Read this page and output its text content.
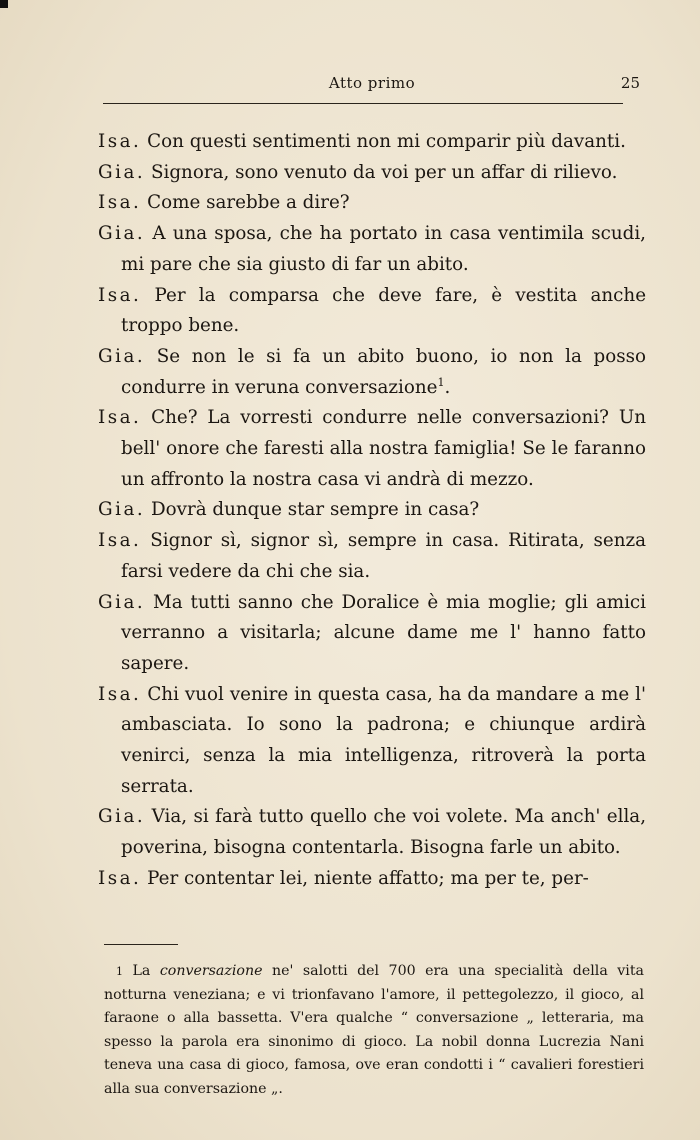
Atto primo	25

Isa. Con questi sentimenti non mi comparir più davanti.

Gia. Signora, sono venuto da voi per un affar di rilievo.

Isa. Come sarebbe a dire?

Gia. A una sposa, che ha portato in casa ventimila scudi, mi pare che sia giusto di far un abito.

Isa. Per la comparsa che deve fare, è vestita anche troppo bene.

Gia. Se non le si fa un abito buono, io non la posso condurre in veruna conversazione$^1$.

Isa. Che? La vorresti condurre nelle conversazioni? Un bell' onore che faresti alla nostra famiglia! Se le faranno un affronto la nostra casa vi andrà di mezzo.

Gia. Dovrà dunque star sempre in casa?

Isa. Signor sì, signor sì, sempre in casa. Ritirata, senza farsi vedere da chi che sia.

Gia. Ma tutti sanno che Doralice è mia moglie; gli amici verranno a visitarla; alcune dame me l' hanno fatto sapere.

Isa. Chi vuol venire in questa casa, ha da mandare a me l' ambasciata. Io sono la padrona; e chiunque ardirà venirci, senza la mia intelligenza, ritroverà la porta serrata.

Gia. Via, si farà tutto quello che voi volete. Ma anch' ella, poverina, bisogna contentarla. Bisogna farle un abito.

Isa. Per contentar lei, niente affatto; ma per te, per-

1 La conversazione ne' salotti del 700 era una specialità della vita notturna veneziana; e vi trionfavano l'amore, il pettegolezzo, il gioco, al faraone o alla bassetta. V'era qualche “ conversazione „ letteraria, ma spesso la parola era sinonimo di gioco. La nobil donna Lucrezia Nani teneva una casa di gioco, famosa, ove eran condotti i “ cavalieri forestieri alla sua conversazione „.
